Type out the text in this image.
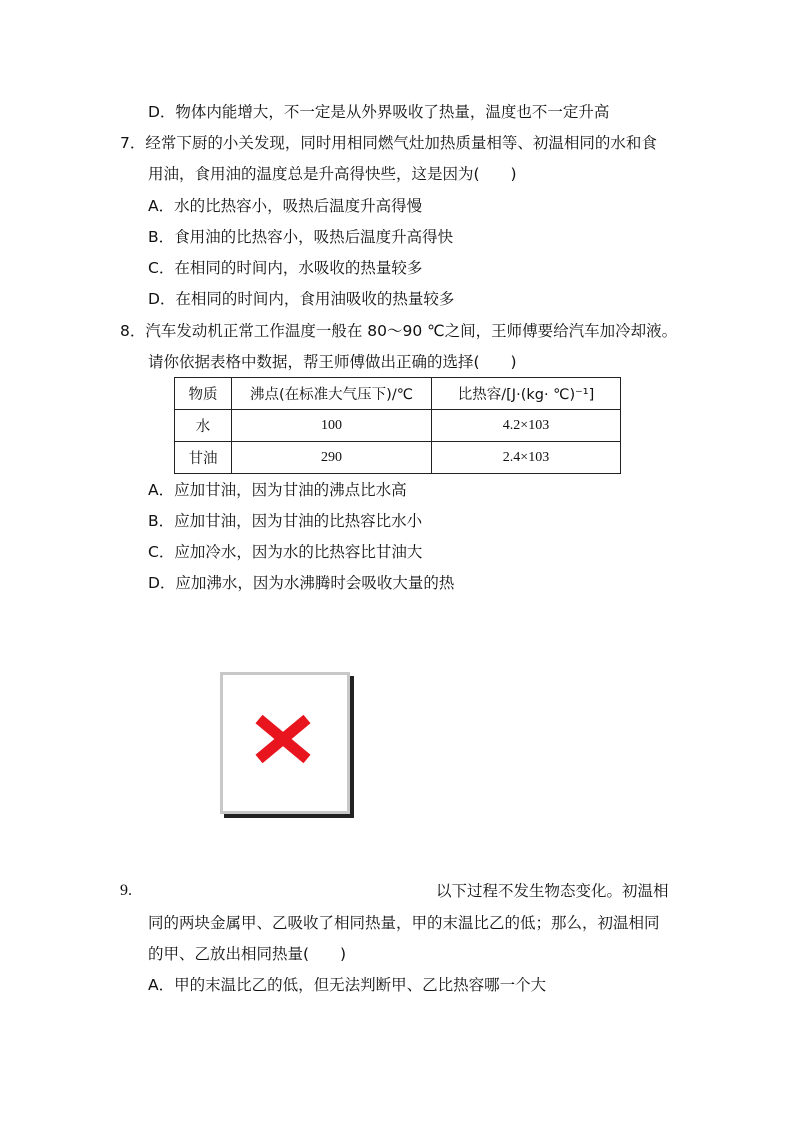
D．物体内能增大，不一定是从外界吸收了热量，温度也不一定升高
7．经常下厨的小关发现，同时用相同燃气灶加热质量相等、初温相同的水和食
用油，食用油的温度总是升高得快些，这是因为(　　)
A．水的比热容小，吸热后温度升高得慢
B．食用油的比热容小，吸热后温度升高得快
C．在相同的时间内，水吸收的热量较多
D．在相同的时间内，食用油吸收的热量较多
8．汽车发动机正常工作温度一般在 80～90 ℃之间，王师傅要给汽车加冷却液。
请你依据表格中数据，帮王师傅做出正确的选择(　　)
物质	沸点(在标准大气压下)/℃	比热容/[J·(kg· ℃)⁻¹]
水	100	4.2×103
甘油	290	2.4×103
A．应加甘油，因为甘油的沸点比水高
B．应加甘油，因为甘油的比热容比水小
C．应加冷水，因为水的比热容比甘油大
D．应加沸水，因为水沸腾时会吸收大量的热
9.	以下过程不发生物态变化。初温相
同的两块金属甲、乙吸收了相同热量，甲的末温比乙的低；那么，初温相同
的甲、乙放出相同热量(　　)
A．甲的末温比乙的低，但无法判断甲、乙比热容哪一个大
